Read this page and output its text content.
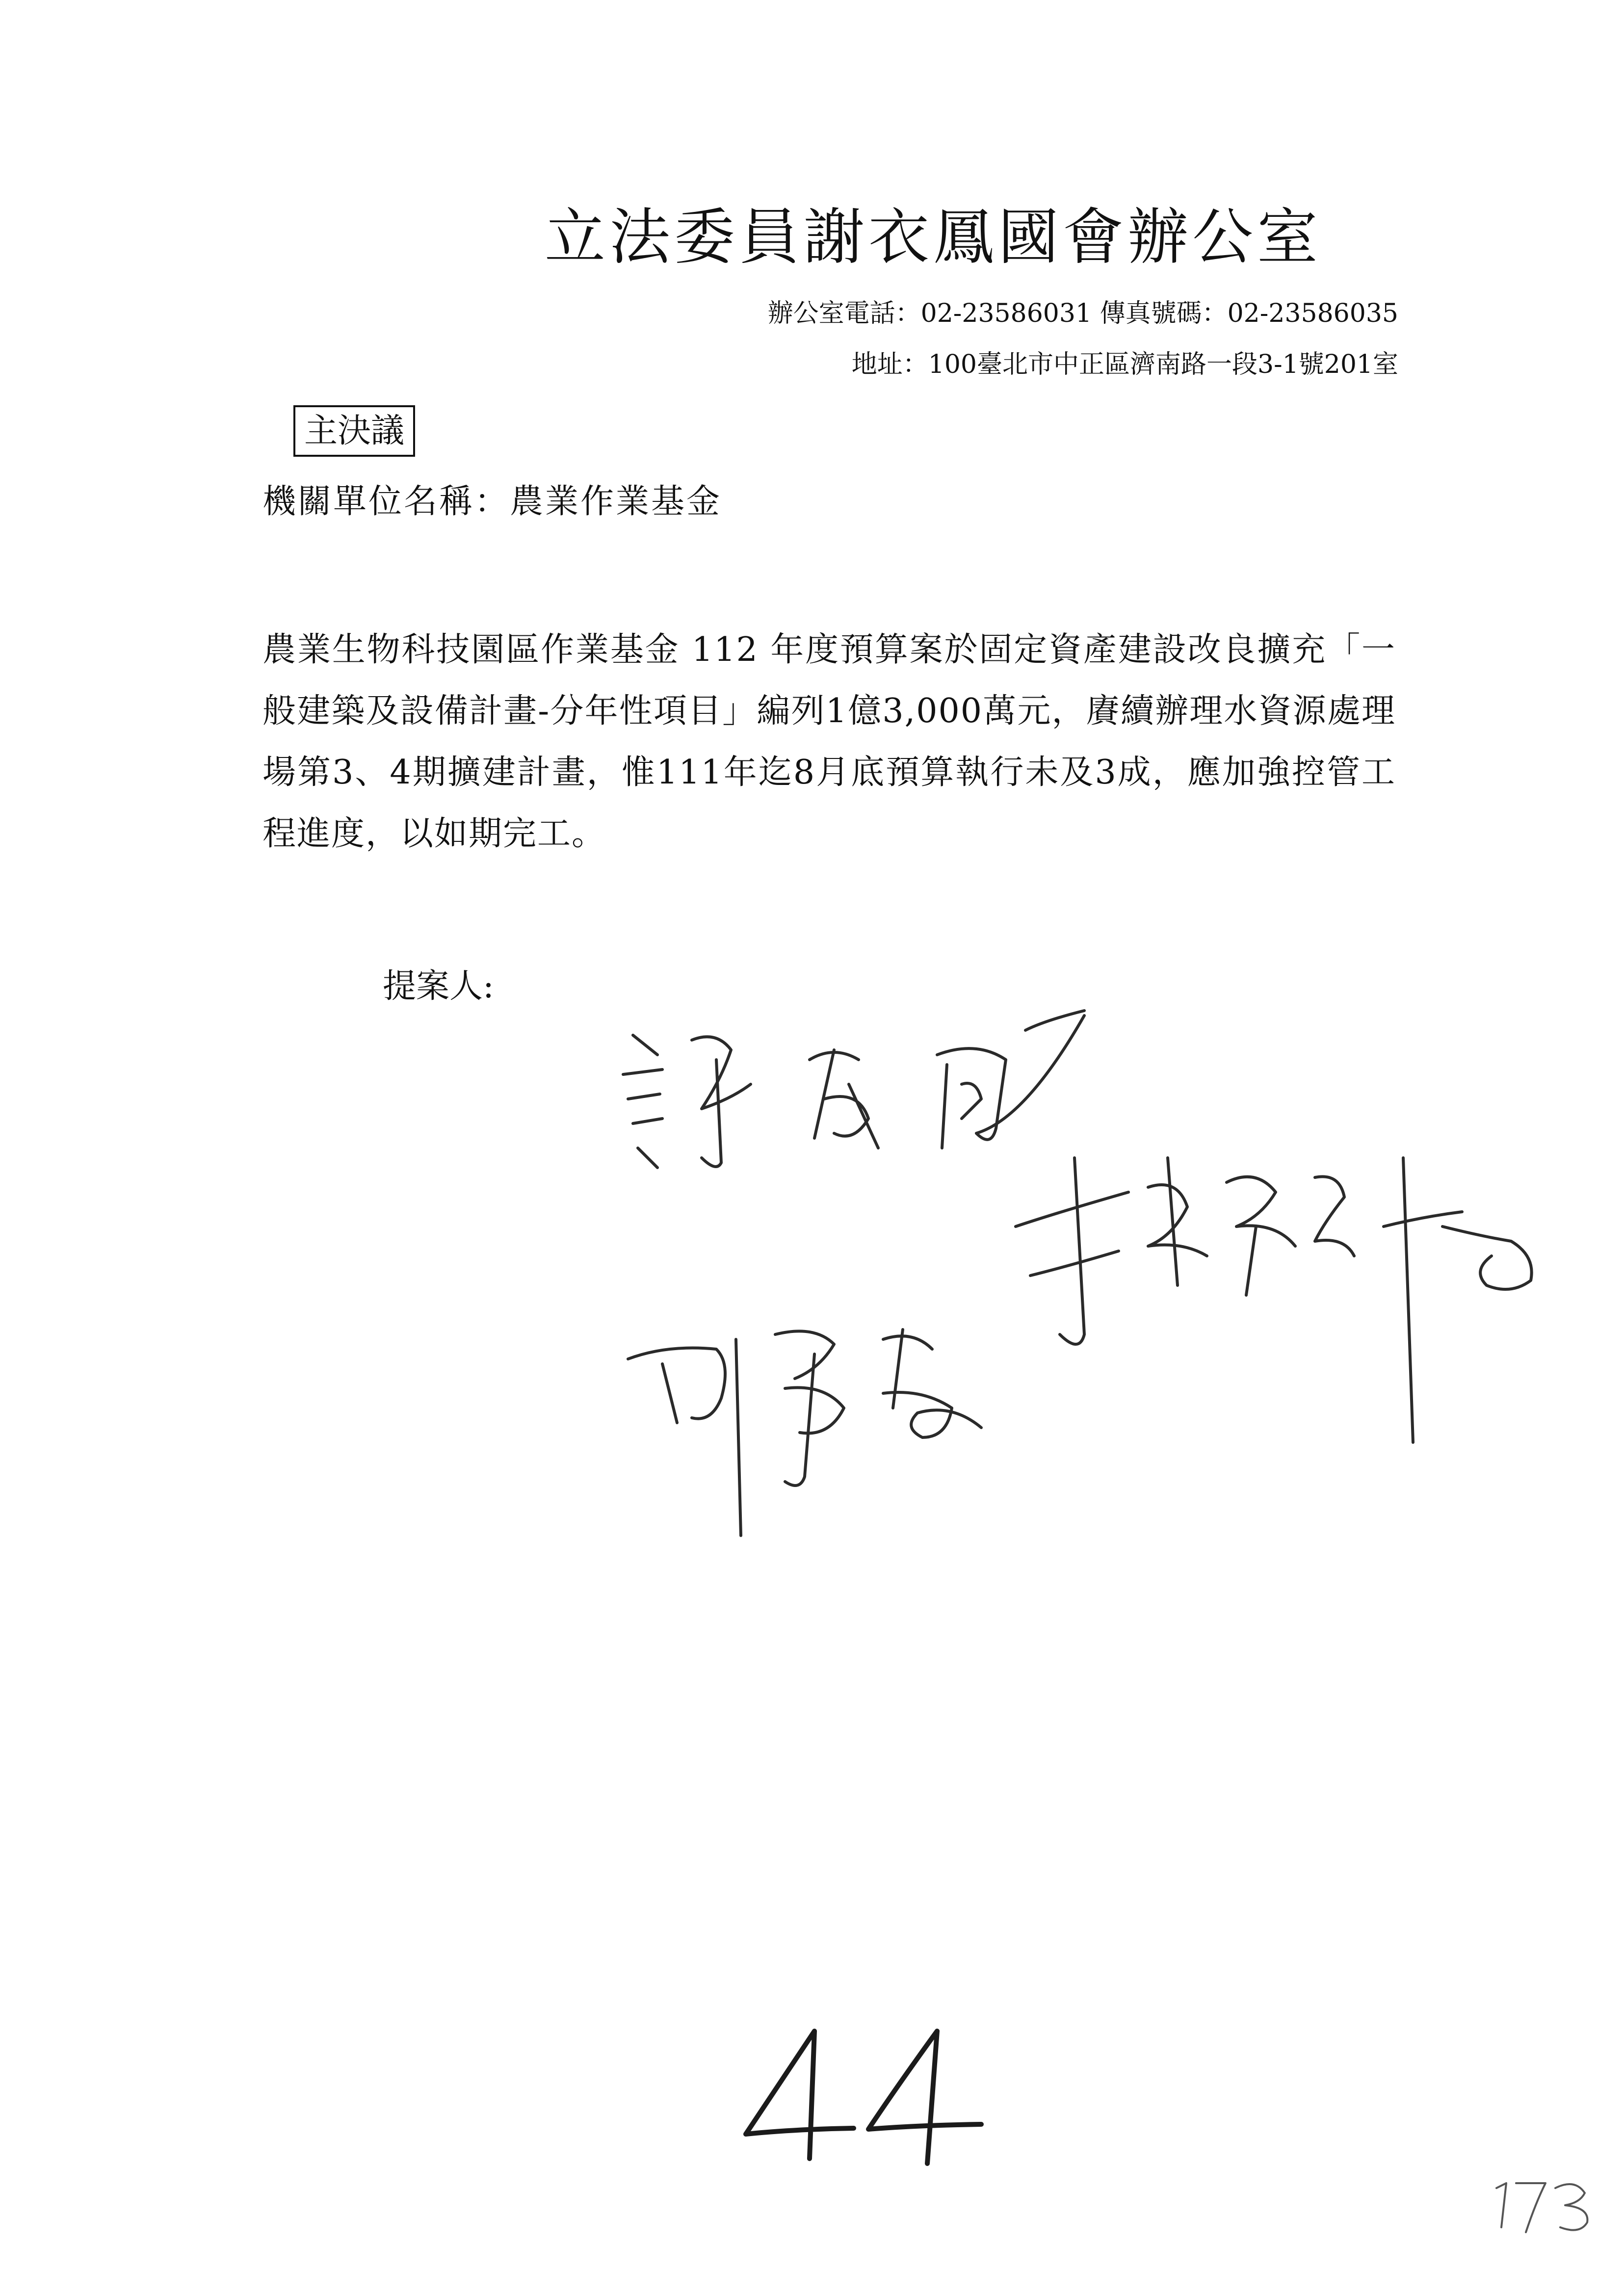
立法委員謝衣鳳國會辦公室
辦公室電話：02-23586031 傳真號碼：02-23586035
地址：100臺北市中正區濟南路一段3-1號201室
主決議
機關單位名稱：農業作業基金
農業生物科技園區作業基金 112 年度預算案於固定資產建設改良擴充「一般建築及設備計畫-分年性項目」編列1億3,000萬元，賡續辦理水資源處理場第3、4期擴建計畫，惟111年迄8月底預算執行未及3成，應加強控管工程進度，以如期完工。
提案人:
